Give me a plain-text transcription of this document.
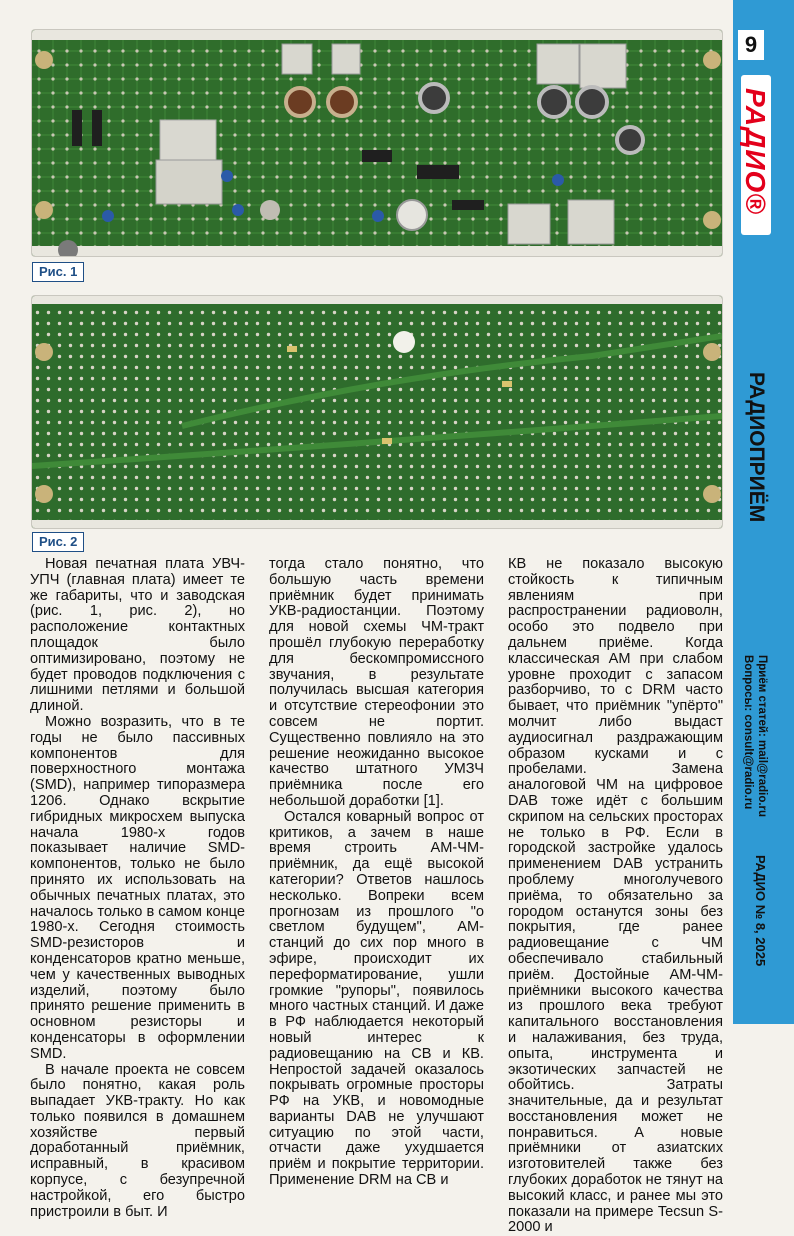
Рис. 1
Рис. 2

Новая печатная плата УВЧ-УПЧ (главная плата) имеет те же габариты, что и заводская (рис. 1, рис. 2), но расположение контактных площадок было оптимизировано, поэтому не будет проводов подключения с лишними петлями и большой длиной.

Можно возразить, что в те годы не было пассивных компонентов для поверхностного монтажа (SMD), например типоразмера 1206. Однако вскрытие гибридных микросхем выпуска начала 1980-х годов показывает наличие SMD-компонентов, только не было принято их использовать на обычных печатных платах, это началось только в самом конце 1980-х. Сегодня стоимость SMD-резисторов и конденсаторов кратно меньше, чем у качественных выводных изделий, поэтому было принято решение применить в основном резисторы и конденсаторы в оформлении SMD.

В начале проекта не совсем было понятно, какая роль выпадает УКВ-тракту. Но как только появился в домашнем хозяйстве первый доработанный приёмник, исправный, в красивом корпусе, с безупречной настройкой, его быстро пристроили в быт. И

тогда стало понятно, что большую часть времени приёмник будет принимать УКВ-радиостанции. Поэтому для новой схемы ЧМ-тракт прошёл глубокую переработку для бескомпромиссного звучания, в результате получилась высшая категория и отсутствие стереофонии это совсем не портит. Существенно повлияло на это решение неожиданно высокое качество штатного УМЗЧ приёмника после его небольшой доработки [1].

Остался коварный вопрос от критиков, а зачем в наше время строить АМ-ЧМ-приёмник, да ещё высокой категории? Ответов нашлось несколько. Вопреки всем прогнозам из прошлого "о светлом будущем", АМ-станций до сих пор много в эфире, происходит их переформатирование, ушли громкие "рупоры", появилось много частных станций. И даже в РФ наблюдается некоторый новый интерес к радиовещанию на СВ и КВ. Непростой задачей оказалось покрывать огромные просторы РФ на УКВ, и новомодные варианты DAB не улучшают ситуацию по этой части, отчасти даже ухудшается приём и покрытие территории. Применение DRM на СВ и

КВ не показало высокую стойкость к типичным явлениям при распространении радиоволн, особо это подвело при дальнем приёме. Когда классическая АМ при слабом уровне проходит с запасом разборчиво, то с DRM часто бывает, что приёмник "упёрто" молчит либо выдаст аудиосигнал раздражающим образом кусками и с пробелами. Замена аналоговой ЧМ на цифровое DAB тоже идёт с большим скрипом на сельских просторах не только в РФ. Если в городской застройке удалось применением DAB устранить проблему многолучевого приёма, то обязательно за городом останутся зоны без покрытия, где ранее радиовещание с ЧМ обеспечивало стабильный приём. Достойные АМ-ЧМ-приёмники высокого качества из прошлого века требуют капитального восстановления и налаживания, без труда, опыта, инструмента и экзотических запчастей не обойтись. Затраты значительные, да и результат восстановления может не понравиться. А новые приёмники от азиатских изготовителей также без глубоких доработок не тянут на высокий класс, и ранее мы это показали на примере Tecsun S-2000 и

9
РАДИО®
РАДИОПРИЁМ
Приём статей: mail@radio.ru
Вопросы: consult@radio.ru
РАДИО № 8, 2025
